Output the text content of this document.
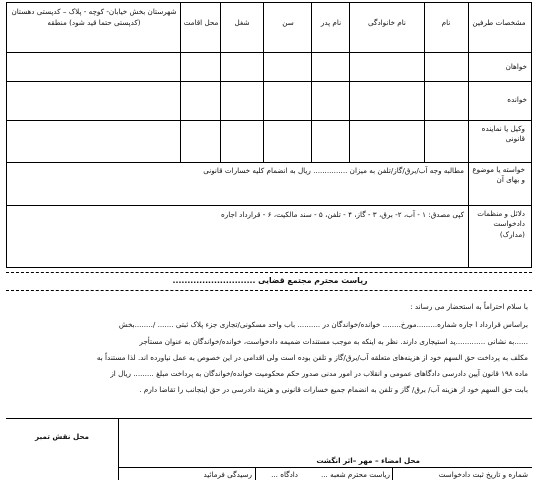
مشخصات طرفین
نام
نام خانوادگی
نام پدر
سن
شغل
محل اقامت
شهرستان بخش خیابان- کوچه - پلاک – کدپستی دهستان (کدپستی حتما قید شود) منطقه
خواهان
خوانده
وکیل یا نماینده قانونی
خواسته یا موضوع و بهای آن
مطالبه وجه آب/برق/گاز/تلفن به میزان ............... ریال به انضمام کلیه خسارات قانونی
دلائل و منظمات دادخواست (مدارک)
کپی مصدق: ۱ - آب، ۲- برق، ۳ - گاز، ۴ - تلفن، ۵ - سند مالکیت، ۶ - قرارداد اجاره
ریاست محترم مجتمع قضایی ............................
با سلام احتراماً به استحضار می رساند :
براساس قرارداد ا جاره شماره.........مورخ........ خوانده/خواندگان در .......... باب واحد مسکونی/تجاری جزء پلاک ثبتی ....... /........بخش
......به نشانی .............ید استیجاری دارند. نظر به اینکه به موجب مستندات ضمیمه دادخواست، خوانده/خواندگان به عنوان مستأجر
مکلف به پرداخت حق السهم خود از هزینه‌های متعلقه آب/برق/گاز و تلفن بوده است ولی اقدامی در این خصوص به عمل نیاورده اند. لذا مستنداً به
ماده ۱۹۸ قانون آیین دادرسی دادگاهای عمومی و انقلاب در امور مدنی صدور حکم محکومیت خوانده/خواندگان به پرداخت مبلغ ......... ریال از
بابت حق السهم خود از هزینه آب/ برق/ گاز و تلفن به انضمام جمیع خسارات قانونی و هزینة دادرسی در حق اینجانب را تقاضا دارم .
محل نقش تمبر
محل امضاء – مهر –اثر انگشت
شماره و تاریخ ثبت دادخواست
ریاست محترم شعبه ...
دادگاه ...
رسیدگی فرمائید
